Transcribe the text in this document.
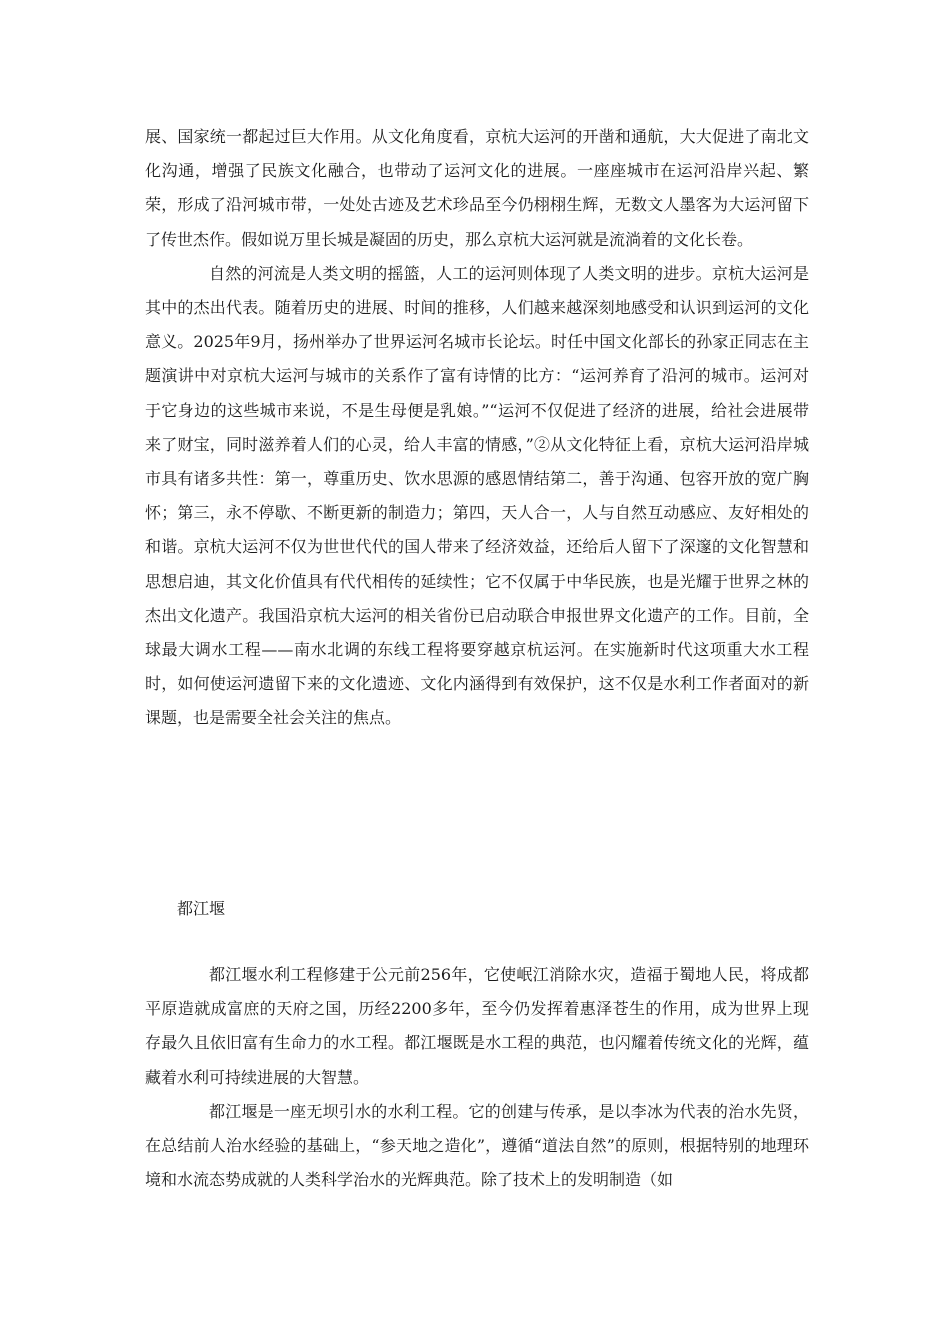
展、国家统一都起过巨大作用。从文化角度看，京杭大运河的开凿和通航，大大促进了南北文化沟通，增强了民族文化融合，也带动了运河文化的进展。一座座城市在运河沿岸兴起、繁荣，形成了沿河城市带，一处处古迹及艺术珍品至今仍栩栩生辉，无数文人墨客为大运河留下了传世杰作。假如说万里长城是凝固的历史，那么京杭大运河就是流淌着的文化长卷。

自然的河流是人类文明的摇篮，人工的运河则体现了人类文明的进步。京杭大运河是其中的杰出代表。随着历史的进展、时间的推移，人们越来越深刻地感受和认识到运河的文化意义。2025年9月，扬州举办了世界运河名城市长论坛。时任中国文化部长的孙家正同志在主题演讲中对京杭大运河与城市的关系作了富有诗情的比方：“运河养育了沿河的城市。运河对于它身边的这些城市来说，不是生母便是乳娘。”“运河不仅促进了经济的进展，给社会进展带来了财宝，同时滋养着人们的心灵，给人丰富的情感，”②从文化特征上看，京杭大运河沿岸城市具有诸多共性：第一，尊重历史、饮水思源的感恩情结第二，善于沟通、包容开放的宽广胸怀；第三，永不停歇、不断更新的制造力；第四，天人合一，人与自然互动感应、友好相处的和谐。京杭大运河不仅为世世代代的国人带来了经济效益，还给后人留下了深邃的文化智慧和思想启迪，其文化价值具有代代相传的延续性；它不仅属于中华民族，也是光耀于世界之林的杰出文化遗产。我国沿京杭大运河的相关省份已启动联合申报世界文化遗产的工作。目前，全球最大调水工程——南水北调的东线工程将要穿越京杭运河。在实施新时代这项重大水工程时，如何使运河遗留下来的文化遗迹、文化内涵得到有效保护，这不仅是水利工作者面对的新课题，也是需要全社会关注的焦点。

都江堰

都江堰水利工程修建于公元前256年，它使岷江消除水灾，造福于蜀地人民，将成都平原造就成富庶的天府之国，历经2200多年，至今仍发挥着惠泽苍生的作用，成为世界上现存最久且依旧富有生命力的水工程。都江堰既是水工程的典范，也闪耀着传统文化的光辉，蕴藏着水利可持续进展的大智慧。

都江堰是一座无坝引水的水利工程。它的创建与传承，是以李冰为代表的治水先贤，在总结前人治水经验的基础上，“参天地之造化”，遵循“道法自然”的原则，根据特别的地理环境和水流态势成就的人类科学治水的光辉典范。除了技术上的发明制造（如
